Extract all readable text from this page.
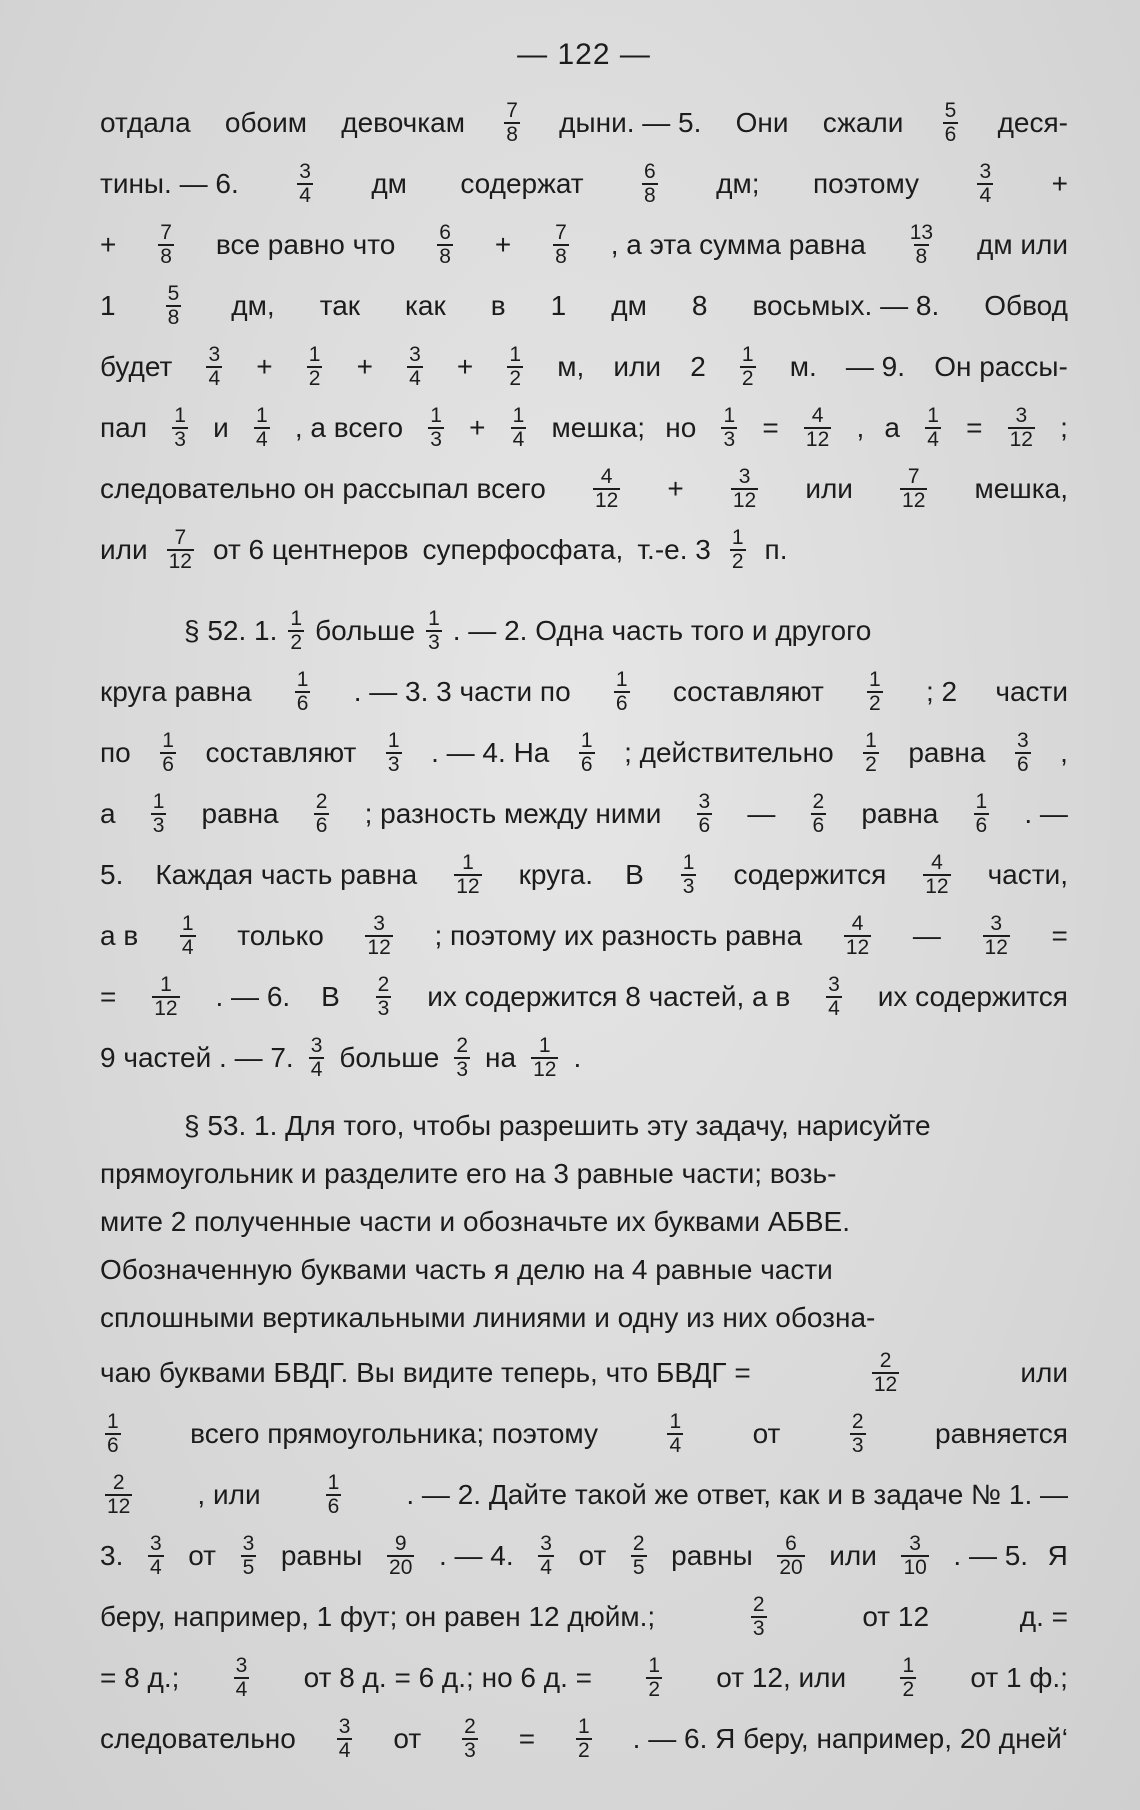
— 122 —
отдала обоим девочкам $\frac{7}{8}$ дыни. — 5. Они сжали $\frac{5}{6}$ деся-
тины. — 6.	$\frac{3}{4}$ дм содержат	$\frac{6}{8}$ дм; поэтому	$\frac{3}{4}$ +
+ $\frac{7}{8}$ все равно что $\frac{6}{8} + \frac{7}{8}$ , а эта сумма равна $\frac{13}{8}$ дм или
$1 \frac{5}{8}$ дм, так как в 1 дм 8 восьмых. — 8. Обвод
будет $\frac{3}{4} + \frac{1}{2} + \frac{3}{4} + \frac{1}{2} м$, или $2 \frac{1}{2} м$. — 9. Он рассы-
пал $\frac{1}{3}$ и $\frac{1}{4}$ , а всего $\frac{1}{3} + \frac{1}{4}$ мешка; но $\frac{1}{3} = \frac{4}{12}$ , а $\frac{1}{4} = \frac{3}{12}$ ;
следовательно он рассыпал всего $\frac{4}{12} + \frac{3}{12}$ или $\frac{7}{12}$ мешка,
или $\frac{7}{12}$ от 6 центнеров суперфосфата, т.-е. $3 \frac{1}{2} п$.
§ 52. 1. $\frac{1}{2}$ больше $\frac{1}{3}$ . — 2. Одна часть того и другого
круга равна $\frac{1}{6}$ . — 3. 3 части по $\frac{1}{6}$ составляют $\frac{1}{2}$ ; 2 части
по $\frac{1}{6}$ составляют $\frac{1}{3}$ . — 4. На $\frac{1}{6}$ ; действительно $\frac{1}{2}$ равна $\frac{3}{6}$ ,
а $\frac{1}{3}$ равна $\frac{2}{6}$ ; разность между ними $\frac{3}{6}$ — $\frac{2}{6}$ равна $\frac{1}{6}$ . —
5. Каждая часть равна $\frac{1}{12}$ круга. В $\frac{1}{3}$ содержится $\frac{4}{12}$ части,
а в $\frac{1}{4}$ только $\frac{3}{12}$ ; поэтому их разность равна $\frac{4}{12}$ — $\frac{3}{12}$ =
= $\frac{1}{12}$ . — 6. В $\frac{2}{3}$ их содержится 8 частей, а в $\frac{3}{4}$ их содержится
9 частей . — 7. $\frac{3}{4}$ больше $\frac{2}{3}$ на $\frac{1}{12}$ .
§ 53. 1. Для того, чтобы разрешить эту задачу, нарисуйте
прямоугольник и разделите его на 3 равные части; возь-
мите 2 полученные части и обозначьте их буквами АБВЕ.
Обозначенную буквами часть я делю на 4 равные части
сплошными вертикальными линиями и одну из них обозна-
чаю буквами БВДГ. Вы видите теперь, что БВДГ =	$\frac{2}{12}$	или
$\frac{1}{6}$ всего прямоугольника; поэтому	$\frac{1}{4}$ от	$\frac{2}{3}$ равняется
$\frac{2}{12}$ , или	$\frac{1}{6}$ . — 2. Дайте такой же ответ, как и в задаче № 1. —
3. $\frac{3}{4}$ от $\frac{3}{5}$ равны $\frac{9}{20}$ . — 4. $\frac{3}{4}$ от $\frac{2}{5}$ равны $\frac{6}{20}$ или $\frac{3}{10}$ . — 5. Я
беру, например, 1 фут; он равен 12 дюйм.;	$\frac{2}{3}$	от 12	д. =
= 8 д.;	$\frac{3}{4}$ от 8 д. = 6 д.; но 6 д. =	$\frac{1}{2}$ от 12, или	$\frac{1}{2}$ от 1 ф.;
следовательно $\frac{3}{4}$ от $\frac{2}{3} = \frac{1}{2}$ . — 6. Я беру, например, 20 дней‘
